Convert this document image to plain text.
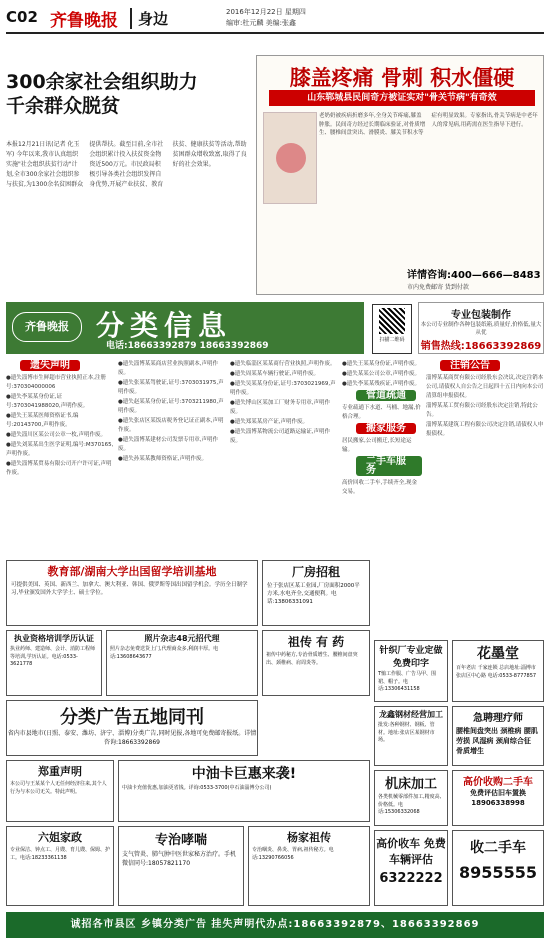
C02 齐鲁晚报	身边	2016年12月22日 星期四
编审:杜元麟 美编:张鑫
300余家社会组织助力千余群众脱贫
本报12月21日讯(记者 化玉军) 今年以来,我市认真组织实施"社会组织扶贫行动"计划,全市300余家社会组织参与扶贫,为1300余名贫困群众提供帮扶。截至目前,全市社会组织累计投入扶贫资金物资近500万元。市民政局积极引导各类社会组织发挥自身优势,开展产业扶贫、教育扶贫、健康扶贫等活动,帮助贫困群众增收致富,取得了良好的社会效果。
膝盖疼痛 骨刺 积水僵硬
山东郓城县民间奇方被证实对"骨关节病"有奇效
老奶奶被疾病折磨多年,全身关节疼痛,膝盖肿胀。民间奇方经过长期临床验证,对骨质增生、腰椎间盘突出、滑膜炎、膝关节积水等症有明显效果。专家指出,骨关节病是中老年人的常见病,用药需在医生指导下进行。
详情咨询:400—666—8483
市内免费邮寄 货到付款
齐鲁晚报 分类信息
电话:18663392879 18663392869
扫描二维码
专业包装制作
本公司专业制作各种包装纸箱,质量好,价格低,量大从优
销售热线:18663392869
遗失声明

●遗失淄博市生鲜超市营业执照正本,注册号:370304000006

●遗失李某某身份证,证号:3703041988020,声明作废。

●遗失王某某医师资格证书,编号:20143700,声明作废。

●遗失淄川区某公司公章一枚,声明作废。

●遗失刘某某出生医学证明,编号:M370165,声明作废。

●遗失淄博某贸易有限公司开户许可证,声明作废。

●遗失淄博某某商店营业执照副本,声明作废。

●遗失张某某驾驶证,证号:3703031975,声明作废。

●遗失赵某某身份证,证号:3703211980,声明作废。

●遗失张店区某饭店税务登记证正副本,声明作废。

●遗失淄博某建材公司发票专用章,声明作废。

●遗失孙某某教师资格证,声明作废。

●遗失临淄区某某商行营业执照,声明作废。

●遗失周某某车辆行驶证,声明作废。

●遗失吴某某身份证,证号:3703021969,声明作废。

●遗失博山区某加工厂财务专用章,声明作废。

●遗失郑某某房产证,声明作废。

●遗失淄博某物流公司道路运输证,声明作废。

●遗失王某某身份证,声明作废。

●遗失某某公司公章,声明作废。

●遗失李某某残疾证,声明作废。

管道疏通

专业疏通下水道、马桶、地漏,价格合理。

搬家服务

居民搬家,公司搬迁,长短途运输。

二手车服务

高价回收二手车,手续齐全,现金交易。

注销公告

淄博某某商贸有限公司经股东会决议,决定注销本公司,请债权人自公告之日起四十五日内向本公司清算组申报债权。

淄博某某工贸有限公司经股东决定注销,特此公告。

淄博某某建筑工程有限公司决定注销,请债权人申报债权。

教育部/湖南大学出国留学培训基地
可提供美国、英国、新西兰、加拿大、澳大利亚、韩国、俄罗斯等国出国留学机会。学历全日制学习,毕业颁发国外大学学士、硕士学位。
厂房招租
位于张店区某工业园,厂房面积2000平方米,水电齐全,交通便利。电话:13806331091
执业资格培训学历认证
执业药师、建造师、会计、消防工程师等培训,学历认证。电话:0533-3621778
照片杂志48元招代理
照片杂志免费送货上门,代理商众多,利润丰厚。电话:13608643677
祖传 有 药
祖传中药秘方,专治骨质增生、腰椎间盘突出、颈椎病、肩周炎等。
分类广告五地同刊
省内市县地市(日照、泰安、潍坊、济宁、淄博)分类广告,同时见报,各地可免费邮寄报纸。详情咨询:18663392869
郑重声明
本公司与王某某个人无任何经济往来,其个人行为与本公司无关。特此声明。
中油卡巨惠来袭!
中油卡充值优惠,加油更省钱。详询:0533-3700(中石油淄博分公司)
六姐家政
专业保洁、钟点工、月嫂、育儿嫂、保姆、护工。电话:18233361138
专治哮喘
支气管炎、肺气肿中医世家秘方治疗。手机微信同号:18057821170
杨家祖传
专治咽炎、鼻炎、胃病,祖传秘方。电话:13290766056
针织厂专业定做 免费印字
T恤工作服、广告马甲、围裙、帽子。电话:13306431158
花墨堂
百年老店 千家连锁 总店地址:淄博市张店区中心路 电话:0533-8777857
龙鑫钢材经营加工
批发:各种钢材、钢板、管材。地址:张店区某钢材市场。
急聘理疗师
腰椎间盘突出 颈椎病 腰肌劳损 风湿病 颈肩综合征 骨质增生
机床加工
各类机械零部件加工,精度高,价格低。电话:15306332068
高价收购二手车
免费评估旧车置换 18906338998
高价收车 免费车辆评估
6322222
收二手车
8955555
诚招各市县区 乡镇分类广告 挂失声明代办点:18663392879、18663392869
